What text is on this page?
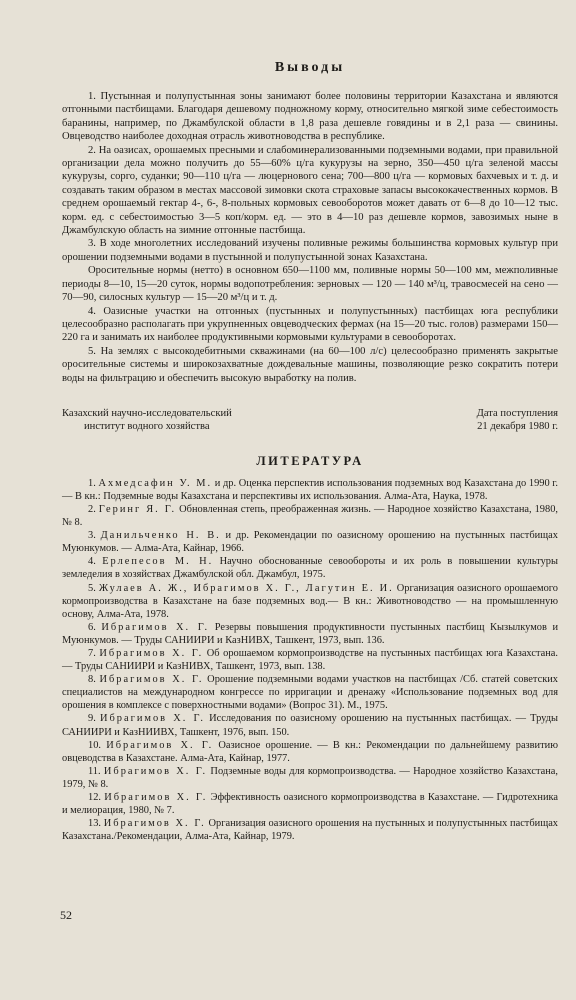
Выводы

1. Пустынная и полупустынная зоны занимают более половины территории Казахстана и являются отгонными пастбищами. Благодаря дешевому подножному корму, относительно мягкой зиме себестоимость баранины, например, по Джамбулской области в 1,8 раза дешевле говядины и в 2,1 раза — свинины. Овцеводство наиболее доходная отрасль животноводства в республике.

2. На оазисах, орошаемых пресными и слабоминерализованными подземными водами, при правильной организации дела можно получить до 55—60% ц/га кукурузы на зерно, 350—450 ц/га зеленой массы кукурузы, сорго, суданки; 90—110 ц/га — люцернового сена; 700—800 ц/га — кормовых бахчевых и т. д. и создавать таким образом в местах массовой зимовки скота страховые запасы высококачественных кормов. В среднем орошаемый гектар 4-, 6-, 8-польных кормовых севооборотов может давать от 6—8 до 10—12 тыс. корм. ед. с себестоимостью 3—5 коп/корм. ед. — это в 4—10 раз дешевле кормов, завозимых ныне в Джамбулскую область на зимние отгонные пастбища.

3. В ходе многолетних исследований изучены поливные режимы большинства кормовых культур при орошении подземными водами в пустынной и полупустынной зонах Казахстана.

Оросительные нормы (нетто) в основном 650—1100 мм, поливные нормы 50—100 мм, межполивные периоды 8—10, 15—20 суток, нормы водопотребления: зерновых — 120 — 140 м³/ц, травосмесей на сено — 70—90, силосных культур — 15—20 м³/ц и т. д.

4. Оазисные участки на отгонных (пустынных и полупустынных) пастбищах юга республики целесообразно располагать при укрупненных овцеводческих фермах (на 15—20 тыс. голов) размерами 150—220 га и занимать их наиболее продуктивными кормовыми культурами в севооборотах.

5. На землях с высокодебитными скважинами (на 60—100 л/с) целесообразно применять закрытые оросительные системы и широкозахватные дождевальные машины, позволяющие резко сократить потери воды на фильтрацию и обеспечить высокую выработку на полив.

Казахский научно-исследовательский
институт водного хозяйства
Дата поступления
21 декабря 1980 г.
ЛИТЕРАТУРА

1. Ахмедсафин У. М. и др. Оценка перспектив использования подземных вод Казахстана до 1990 г. — В кн.: Подземные воды Казахстана и перспективы их использования. Алма-Ата, Наука, 1978.

2. Геринг Я. Г. Обновленная степь, преображенная жизнь. — Народное хозяйство Казахстана, 1980, № 8.

3. Данильченко Н. В. и др. Рекомендации по оазисному орошению на пустынных пастбищах Муюнкумов. — Алма-Ата, Кайнар, 1966.

4. Ерлепесов М. Н. Научно обоснованные севообороты и их роль в повышении культуры земледелия в хозяйствах Джамбулской обл. Джамбул, 1975.

5. Жулаев А. Ж., Ибрагимов Х. Г., Лагутин Е. И. Организация оазисного орошаемого кормопроизводства в Казахстане на базе подземных вод.— В кн.: Животноводство — на промышленную основу, Алма-Ата, 1978.

6. Ибрагимов Х. Г. Резервы повышения продуктивности пустынных пастбищ Кызылкумов и Муюнкумов. — Труды САНИИРИ и КазНИВХ, Ташкент, 1973, вып. 136.

7. Ибрагимов Х. Г. Об орошаемом кормопроизводстве на пустынных пастбищах юга Казахстана. — Труды САНИИРИ и КазНИВХ, Ташкент, 1973, вып. 138.

8. Ибрагимов Х. Г. Орошение подземными водами участков на пастбищах /Сб. статей советских специалистов на международном конгрессе по ирригации и дренажу «Использование подземных вод для орошения в комплексе с поверхностными водами» (Вопрос 31). М., 1975.

9. Ибрагимов Х. Г. Исследования по оазисному орошению на пустынных пастбищах. — Труды САНИИРИ и КазНИИВХ, Ташкент, 1976, вып. 150.

10. Ибрагимов Х. Г. Оазисное орошение. — В кн.: Рекомендации по дальнейшему развитию овцеводства в Казахстане. Алма-Ата, Кайнар, 1977.

11. Ибрагимов Х. Г. Подземные воды для кормопроизводства. — Народное хозяйство Казахстана, 1979, № 8.

12. Ибрагимов Х. Г. Эффективность оазисного кормопроизводства в Казахстане. — Гидротехника и мелиорация, 1980, № 7.

13. Ибрагимов Х. Г. Организация оазисного орошения на пустынных и полупустынных пастбищах Казахстана./Рекомендации, Алма-Ата, Кайнар, 1979.

52
